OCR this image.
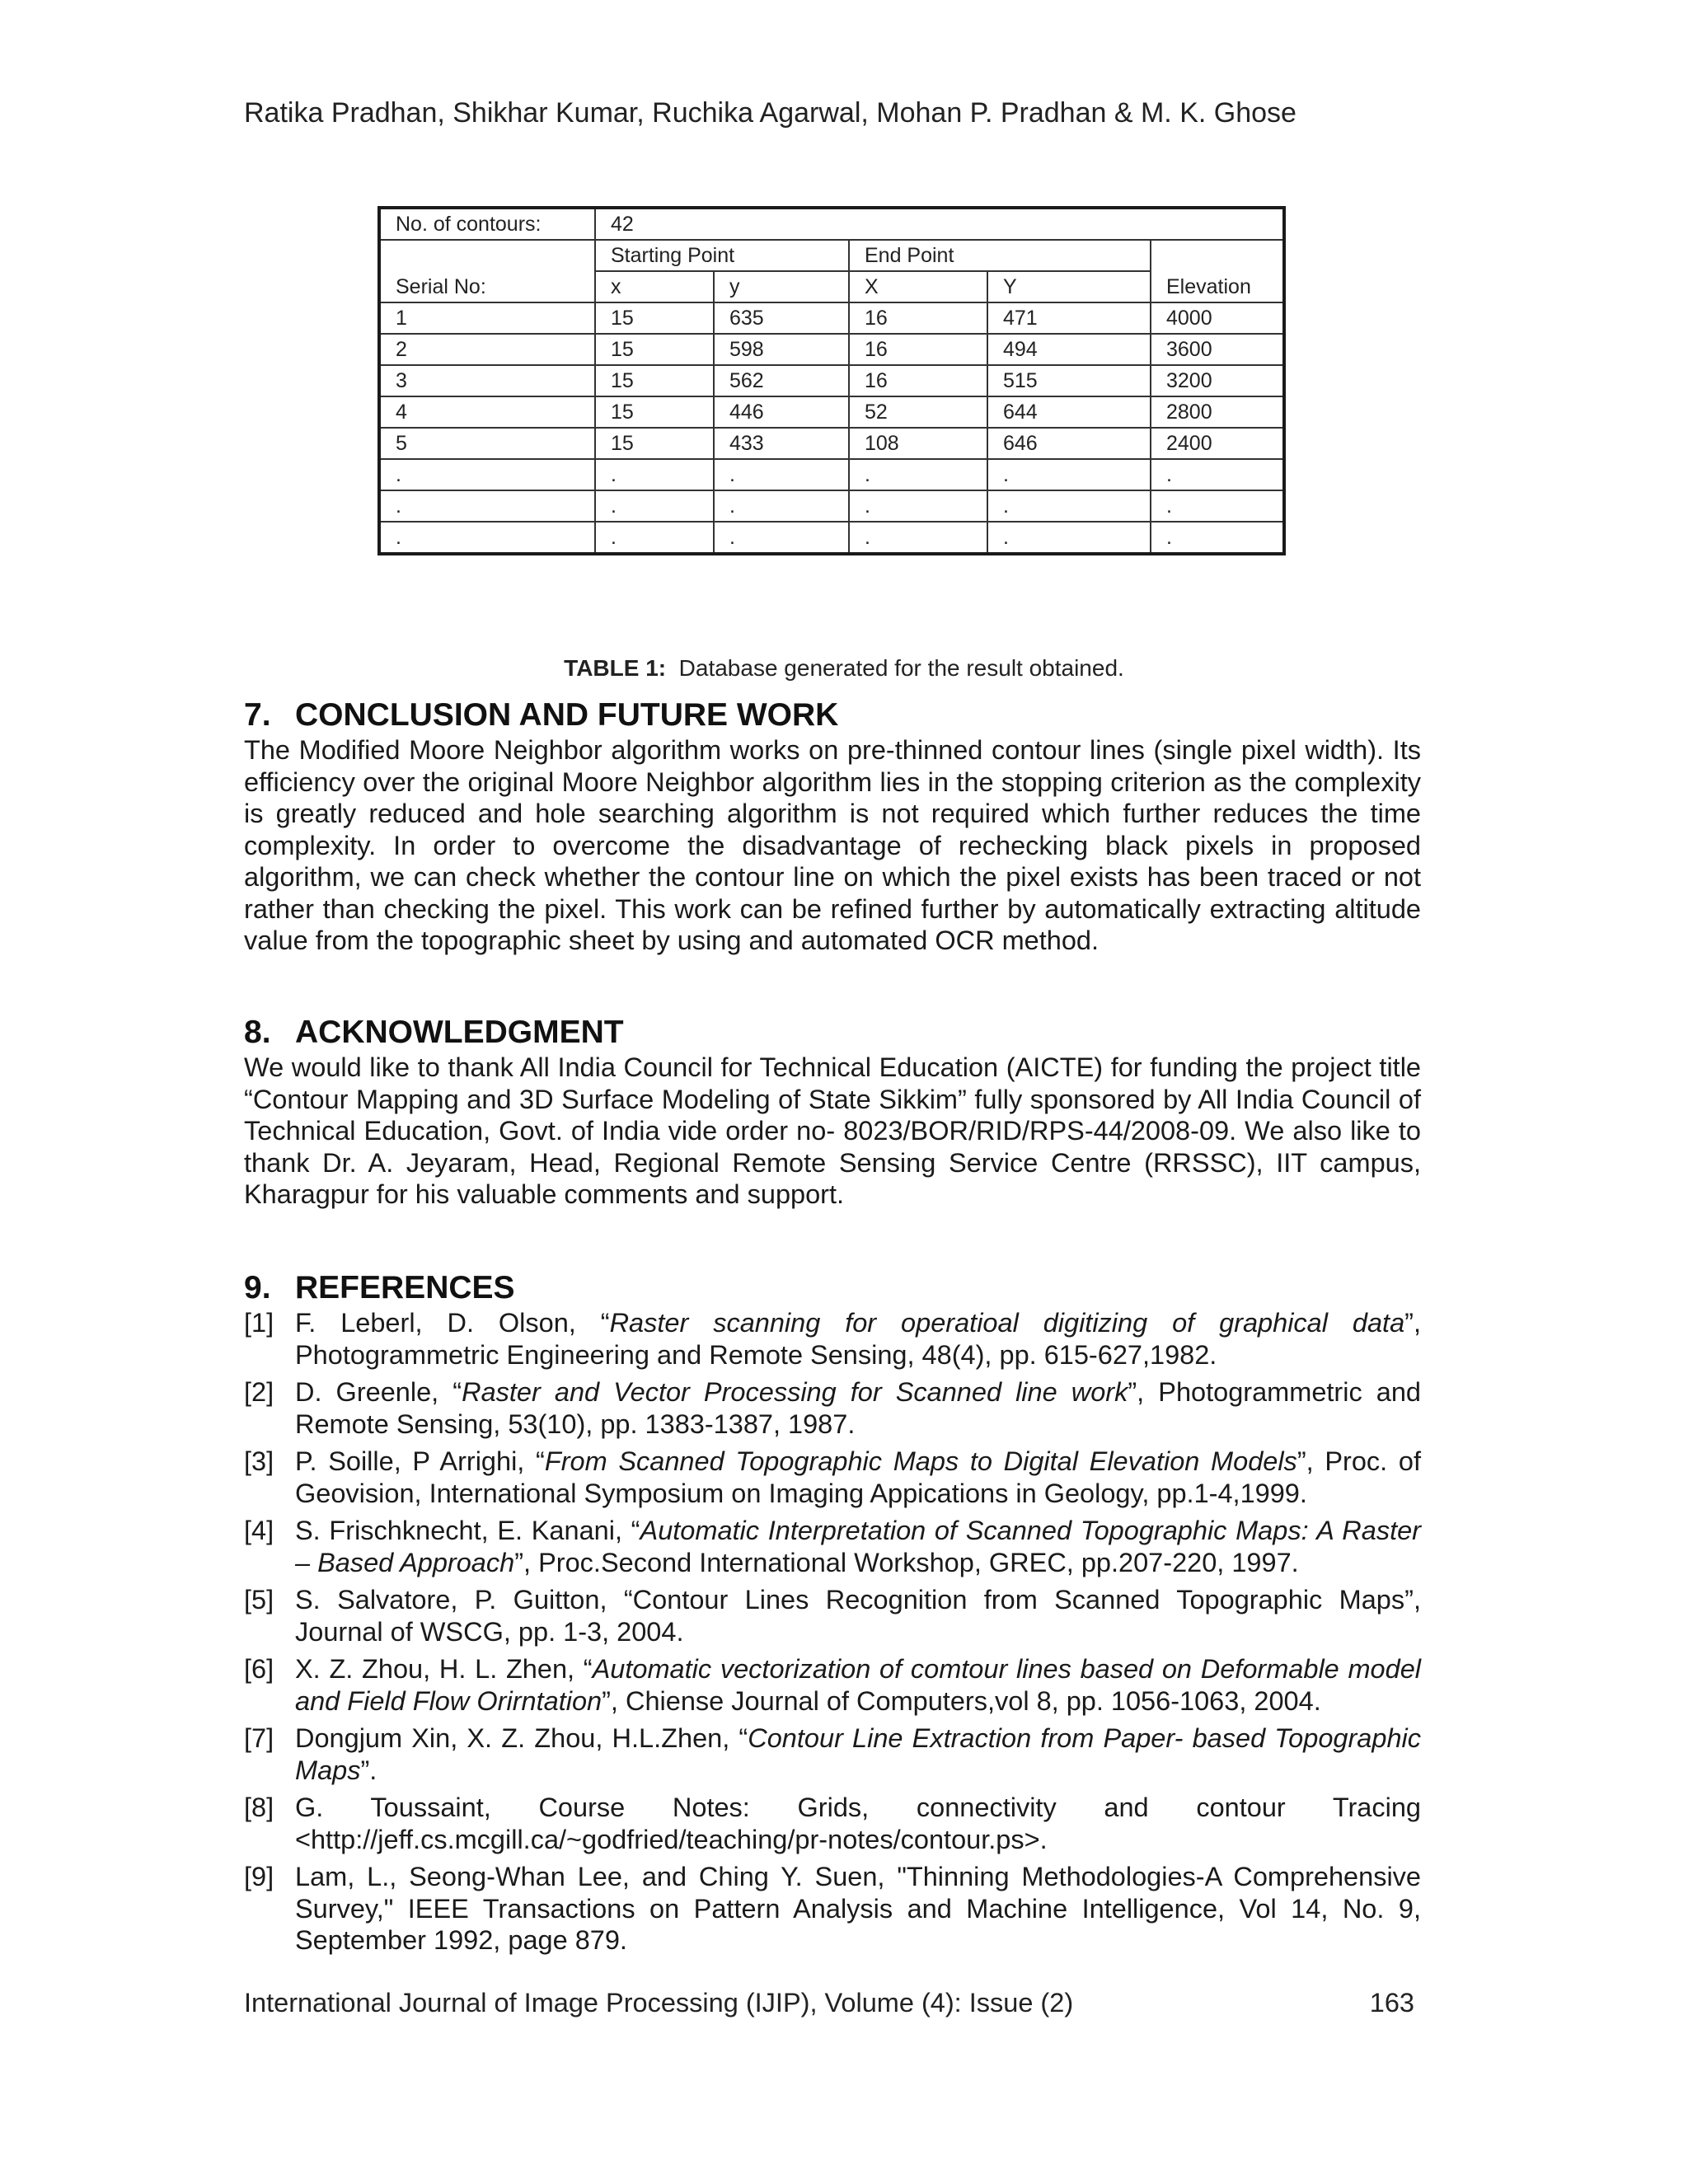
Ratika Pradhan, Shikhar Kumar, Ruchika Agarwal, Mohan P. Pradhan & M. K. Ghose
No. of contours:	42				
	Starting Point		End Point		
Serial No:	x	y	X	Y	Elevation
1	15	635	16	471	4000
2	15	598	16	494	3600
3	15	562	16	515	3200
4	15	446	52	644	2800
5	15	433	108	646	2400
.	.	.	.	.	.
.	.	.	.	.	.
.	.	.	.	.	.
TABLE 1: Database generated for the result obtained.
7. CONCLUSION AND FUTURE WORK

The Modified Moore Neighbor algorithm works on pre-thinned contour lines (single pixel width). Its efficiency over the original Moore Neighbor algorithm lies in the stopping criterion as the complexity is greatly reduced and hole searching algorithm is not required which further reduces the time complexity. In order to overcome the disadvantage of rechecking black pixels in proposed algorithm, we can check whether the contour line on which the pixel exists has been traced or not rather than checking the pixel. This work can be refined further by automatically extracting altitude value from the topographic sheet by using and automated OCR method.

8. ACKNOWLEDGMENT

We would like to thank All India Council for Technical Education (AICTE) for funding the project title “Contour Mapping and 3D Surface Modeling of State Sikkim” fully sponsored by All India Council of Technical Education, Govt. of India vide order no- 8023/BOR/RID/RPS-44/2008-09. We also like to thank Dr. A. Jeyaram, Head, Regional Remote Sensing Service Centre (RRSSC), IIT campus, Kharagpur for his valuable comments and support.

9. REFERENCES
[1] F. Leberl, D. Olson, “Raster scanning for operatioal digitizing of graphical data”, Photogrammetric Engineering and Remote Sensing, 48(4), pp. 615-627,1982.
[2] D. Greenle, “Raster and Vector Processing for Scanned line work”, Photogrammetric and Remote Sensing, 53(10), pp. 1383-1387, 1987.
[3] P. Soille, P Arrighi, “From Scanned Topographic Maps to Digital Elevation Models”, Proc. of Geovision, International Symposium on Imaging Appications in Geology, pp.1-4,1999.
[4] S. Frischknecht, E. Kanani, “Automatic Interpretation of Scanned Topographic Maps: A Raster – Based Approach”, Proc.Second International Workshop, GREC, pp.207-220, 1997.
[5] S. Salvatore, P. Guitton, “Contour Lines Recognition from Scanned Topographic Maps”, Journal of WSCG, pp. 1-3, 2004.
[6] X. Z. Zhou, H. L. Zhen, “Automatic vectorization of comtour lines based on Deformable model and Field Flow Orirntation”, Chiense Journal of Computers,vol 8, pp. 1056-1063, 2004.
[7] Dongjum Xin, X. Z. Zhou, H.L.Zhen, “Contour Line Extraction from Paper- based Topographic Maps”.
[8] G. Toussaint, Course Notes: Grids, connectivity and contour Tracing <http://jeff.cs.mcgill.ca/~godfried/teaching/pr-notes/contour.ps>.
[9] Lam, L., Seong-Whan Lee, and Ching Y. Suen, "Thinning Methodologies-A Comprehensive Survey," IEEE Transactions on Pattern Analysis and Machine Intelligence, Vol 14, No. 9, September 1992, page 879.
International Journal of Image Processing (IJIP), Volume (4): Issue (2)	163
